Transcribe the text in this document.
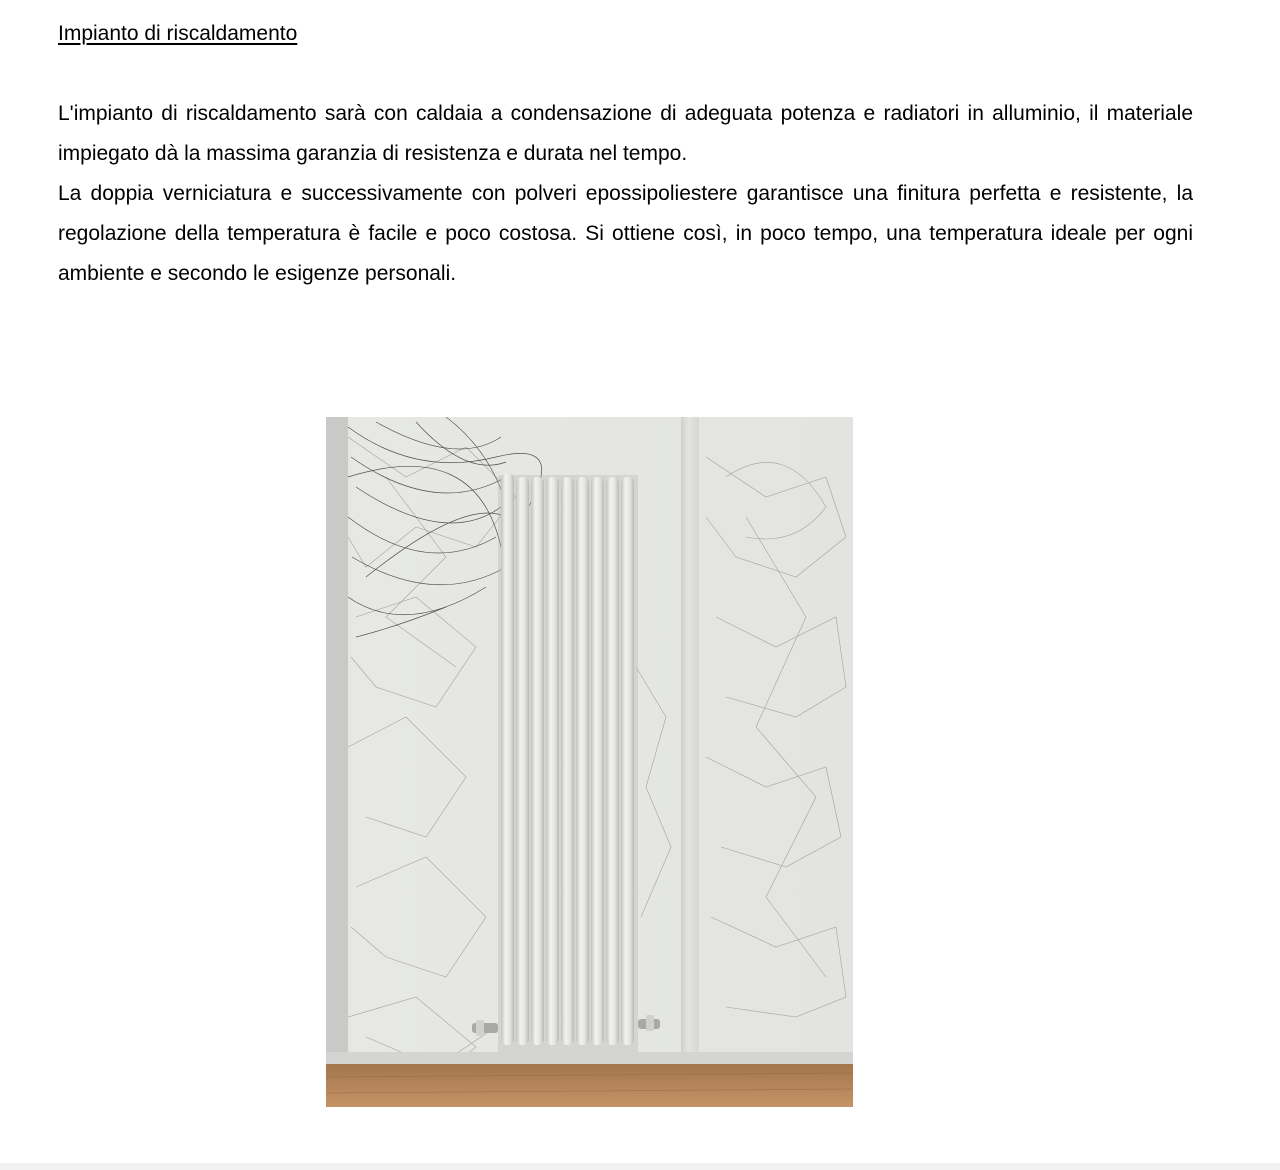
Impianto di riscaldamento

L'impianto di riscaldamento sarà con caldaia a condensazione di adeguata potenza e radiatori in alluminio, il materiale impiegato dà la massima garanzia di resistenza e durata nel tempo.

La doppia verniciatura e successivamente con polveri epossipoliestere garantisce una finitura perfetta e resistente, la regolazione della temperatura è facile e poco costosa. Si ottiene così, in poco tempo, una temperatura ideale per ogni ambiente e secondo le esigenze personali.
